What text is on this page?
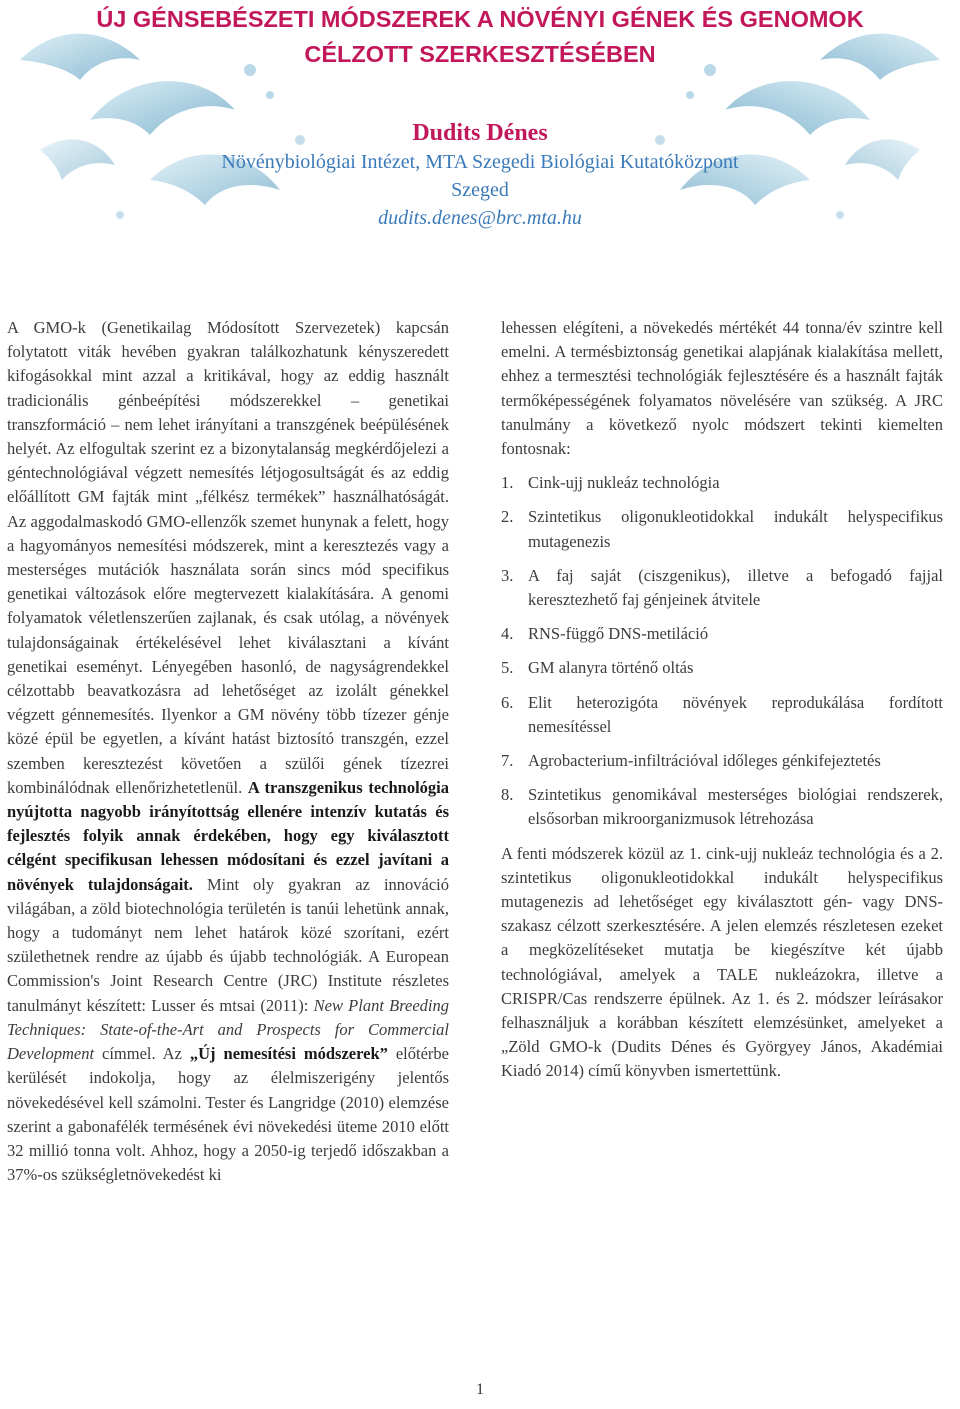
ÚJ GÉNSEBÉSZETI MÓDSZEREK A NÖVÉNYI GÉNEK ÉS GENOMOK CÉLZOTT SZERKESZTÉSÉBEN
Dudits Dénes
Növénybiológiai Intézet, MTA Szegedi Biológiai Kutatóközpont
Szeged
dudits.denes@brc.mta.hu

A GMO-k (Genetikailag Módosított Szervezetek) kapcsán folytatott viták hevében gyakran találkozhatunk kényszeredett kifogásokkal mint azzal a kritikával, hogy az eddig használt tradicionális génbeépítési módszerekkel – genetikai transzformáció – nem lehet irányítani a transzgének beépülésének helyét. Az elfogultak szerint ez a bizonytalanság megkérdőjelezi a géntechnológiával végzett nemesítés létjogosultságát és az eddig előállított GM fajták mint „félkész termékek” használhatóságát. Az aggodalmaskodó GMO-ellenzők szemet hunynak a felett, hogy a hagyományos nemesítési módszerek, mint a keresztezés vagy a mesterséges mutációk használata során sincs mód specifikus genetikai változások előre megtervezett kialakítására. A genomi folyamatok véletlenszerűen zajlanak, és csak utólag, a növények tulajdonságainak értékelésével lehet kiválasztani a kívánt genetikai eseményt. Lényegében hasonló, de nagyságrendekkel célzottabb beavatkozásra ad lehetőséget az izolált génekkel végzett génnemesítés. Ilyenkor a GM növény több tízezer génje közé épül be egyetlen, a kívánt hatást biztosító transzgén, ezzel szemben keresztezést követően a szülői gének tízezrei kombinálódnak ellenőrizhetetlenül. A transzgenikus technológia nyújtotta nagyobb irányítottság ellenére intenzív kutatás és fejlesztés folyik annak érdekében, hogy egy kiválasztott célgént specifikusan lehessen módosítani és ezzel javítani a növények tulajdonságait. Mint oly gyakran az innováció világában, a zöld biotechnológia területén is tanúi lehetünk annak, hogy a tudományt nem lehet határok közé szorítani, ezért születhetnek rendre az újabb és újabb technológiák. A European Commission's Joint Research Centre (JRC) Institute részletes tanulmányt készített: Lusser és mtsai (2011): New Plant Breeding Techniques: State-of-the-Art and Prospects for Commercial Development címmel. Az „Új nemesítési módszerek” előtérbe kerülését indokolja, hogy az élelmiszerigény jelentős növekedésével kell számolni. Tester és Langridge (2010) elemzése szerint a gabonafélék termésének évi növekedési üteme 2010 előtt 32 millió tonna volt. Ahhoz, hogy a 2050-ig terjedő időszakban a 37%-os szükségletnövekedést ki

lehessen elégíteni, a növekedés mértékét 44 tonna/év szintre kell emelni. A termésbiztonság genetikai alapjának kialakítása mellett, ehhez a termesztési technológiák fejlesztésére és a használt fajták termőképességének folyamatos növelésére van szükség. A JRC tanulmány a következő nyolc módszert tekinti kiemelten fontosnak:

1. Cink-ujj nukleáz technológia
2. Szintetikus oligonukleotidokkal indukált helyspecifikus mutagenezis
3. A faj saját (ciszgenikus), illetve a befogadó fajjal keresztezhető faj génjeinek átvitele
4. RNS-függő DNS-metiláció
5. GM alanyra történő oltás
6. Elit heterozigóta növények reprodukálása fordított nemesítéssel
7. Agrobacterium-infiltrációval időleges génkifejeztetés
8. Szintetikus genomikával mesterséges biológiai rendszerek, elsősorban mikroorganizmusok létrehozása

A fenti módszerek közül az 1. cink-ujj nukleáz technológia és a 2. szintetikus oligonukleotidokkal indukált helyspecifikus mutagenezis ad lehetőséget egy kiválasztott gén- vagy DNS-szakasz célzott szerkesztésére. A jelen elemzés részletesen ezeket a megközelítéseket mutatja be kiegészítve két újabb technológiával, amelyek a TALE nukleázokra, illetve a CRISPR/Cas rendszerre épülnek. Az 1. és 2. módszer leírásakor felhasználjuk a korábban készített elemzésünket, amelyeket a „Zöld GMO-k (Dudits Dénes és Györgyey János, Akadémiai Kiadó 2014) című könyvben ismertettünk.

1
